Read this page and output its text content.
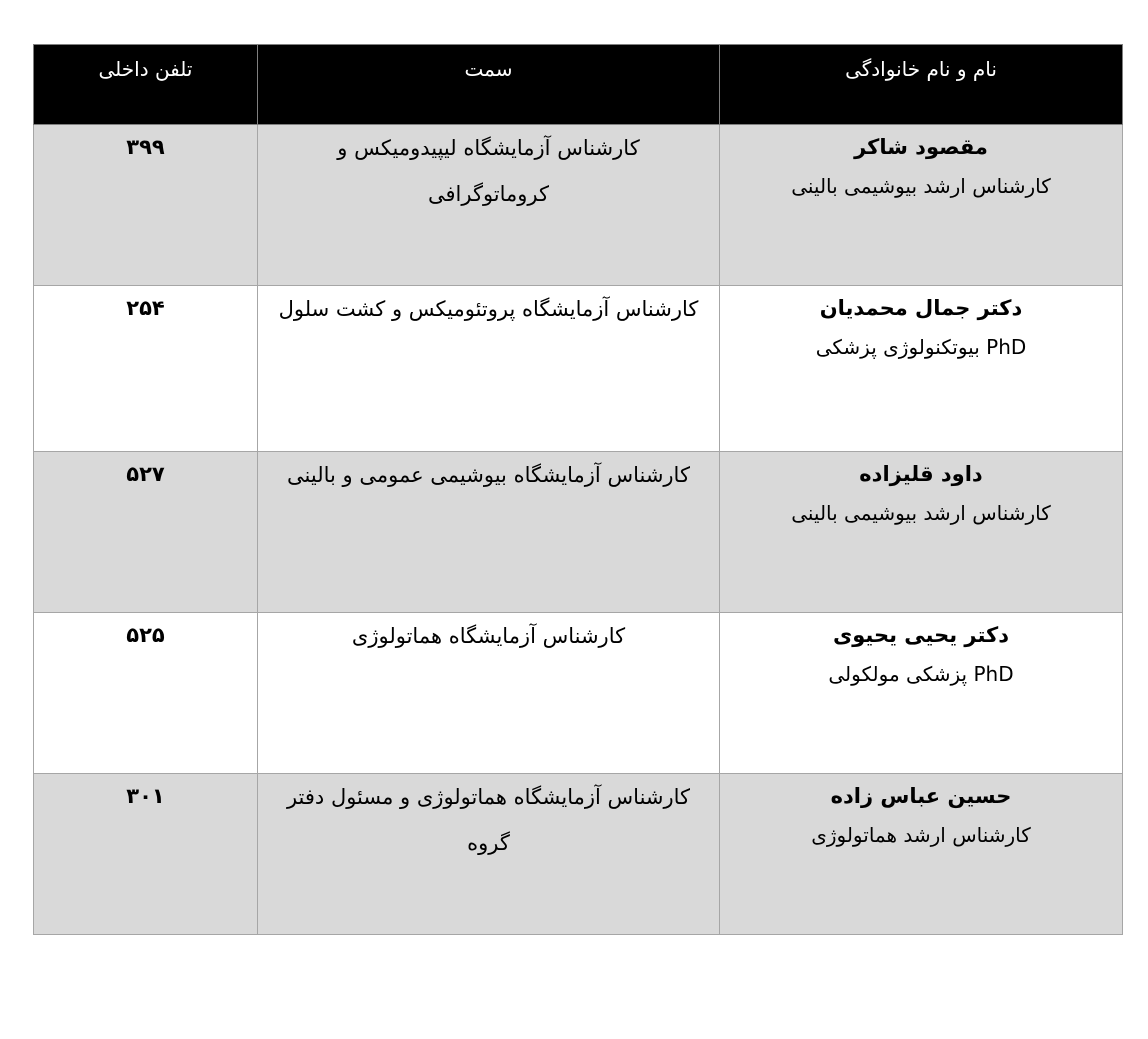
نام و نام خانوادگی	سمت	تلفن داخلی

مقصود شاکر
کارشناس ارشد بیوشیمی بالینی	کارشناس آزمایشگاه لیپیدومیکس و کروماتوگرافی	۳۹۹

دکتر جمال محمدیان
PhD بیوتکنولوژی پزشکی	کارشناس آزمایشگاه پروتئومیکس و کشت سلول	۲۵۴

داود قلیزاده
کارشناس ارشد بیوشیمی بالینی	کارشناس آزمایشگاه بیوشیمی عمومی و بالینی	۵۲۷

دکتر یحیی یحیوی
PhD پزشکی مولکولی	کارشناس آزمایشگاه هماتولوژی	۵۲۵

حسین عباس زاده
کارشناس ارشد هماتولوژی	کارشناس آزمایشگاه هماتولوژی و مسئول دفتر گروه	۳۰۱
